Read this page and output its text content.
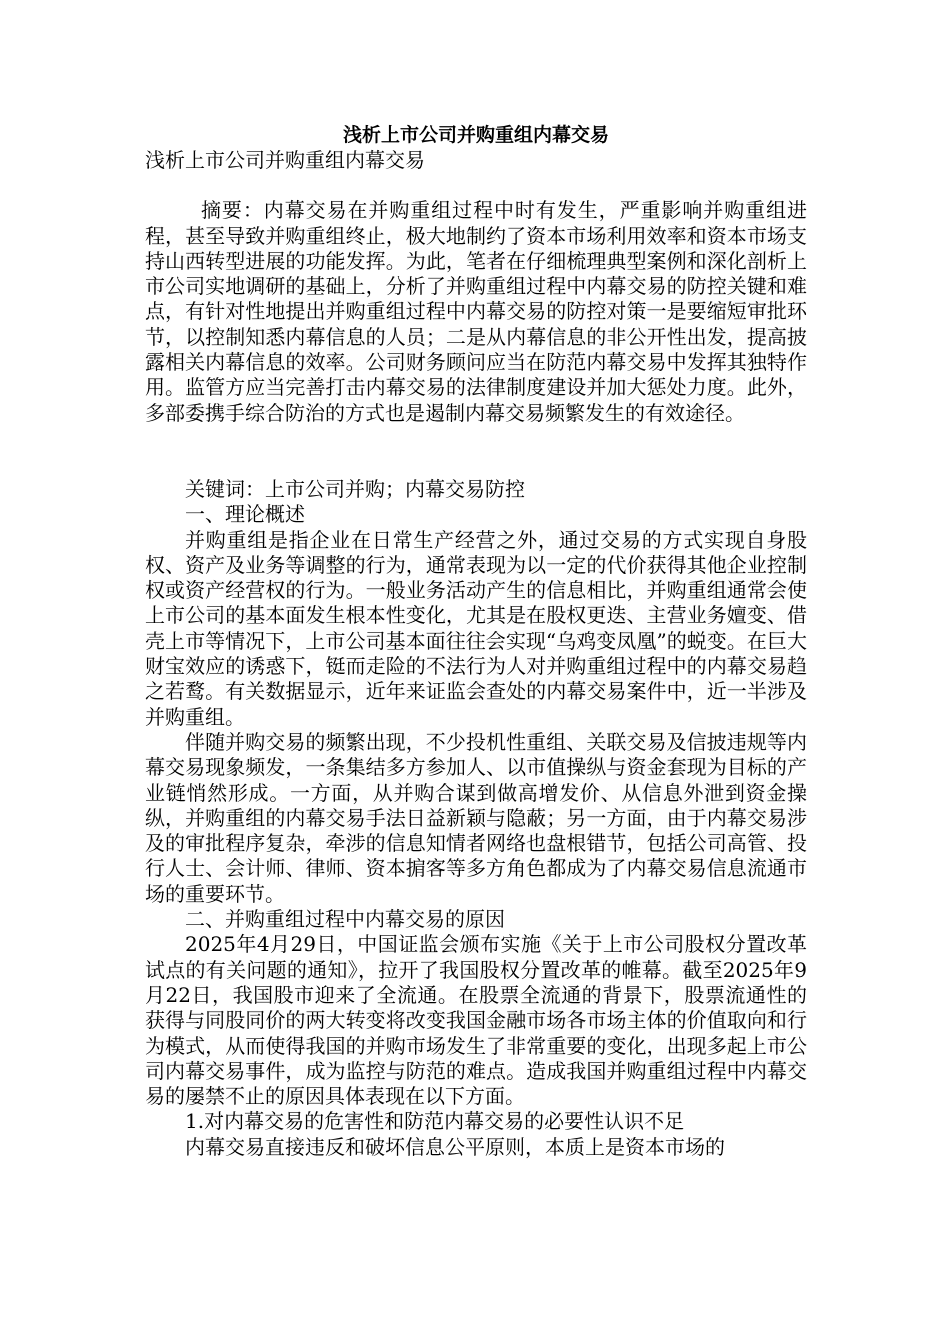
浅析上市公司并购重组内幕交易

浅析上市公司并购重组内幕交易

摘要：内幕交易在并购重组过程中时有发生，严重影响并购重组进程，甚至导致并购重组终止，极大地制约了资本市场利用效率和资本市场支持山西转型进展的功能发挥。为此，笔者在仔细梳理典型案例和深化剖析上市公司实地调研的基础上，分析了并购重组过程中内幕交易的防控关键和难点，有针对性地提出并购重组过程中内幕交易的防控对策一是要缩短审批环节，以控制知悉内幕信息的人员；二是从内幕信息的非公开性出发，提高披露相关内幕信息的效率。公司财务顾问应当在防范内幕交易中发挥其独特作用。监管方应当完善打击内幕交易的法律制度建设并加大惩处力度。此外，多部委携手综合防治的方式也是遏制内幕交易频繁发生的有效途径。

关键词：上市公司并购；内幕交易防控

一、理论概述

并购重组是指企业在日常生产经营之外，通过交易的方式实现自身股权、资产及业务等调整的行为，通常表现为以一定的代价获得其他企业控制权或资产经营权的行为。一般业务活动产生的信息相比，并购重组通常会使上市公司的基本面发生根本性变化，尤其是在股权更迭、主营业务嬗变、借壳上市等情况下，上市公司基本面往往会实现“乌鸡变凤凰”的蜕变。在巨大财宝效应的诱惑下，铤而走险的不法行为人对并购重组过程中的内幕交易趋之若鹜。有关数据显示，近年来证监会查处的内幕交易案件中，近一半涉及并购重组。

伴随并购交易的频繁出现，不少投机性重组、关联交易及信披违规等内幕交易现象频发，一条集结多方参加人、以市值操纵与资金套现为目标的产业链悄然形成。一方面，从并购合谋到做高增发价、从信息外泄到资金操纵，并购重组的内幕交易手法日益新颖与隐蔽；另一方面，由于内幕交易涉及的审批程序复杂，牵涉的信息知情者网络也盘根错节，包括公司高管、投行人士、会计师、律师、资本掮客等多方角色都成为了内幕交易信息流通市场的重要环节。

二、并购重组过程中内幕交易的原因

2025年4月29日，中国证监会颁布实施《关于上市公司股权分置改革试点的有关问题的通知》，拉开了我国股权分置改革的帷幕。截至2025年9月22日，我国股市迎来了全流通。在股票全流通的背景下，股票流通性的获得与同股同价的两大转变将改变我国金融市场各市场主体的价值取向和行为模式，从而使得我国的并购市场发生了非常重要的变化，出现多起上市公司内幕交易事件，成为监控与防范的难点。造成我国并购重组过程中内幕交易的屡禁不止的原因具体表现在以下方面。

1.对内幕交易的危害性和防范内幕交易的必要性认识不足

内幕交易直接违反和破坏信息公平原则，本质上是资本市场的
